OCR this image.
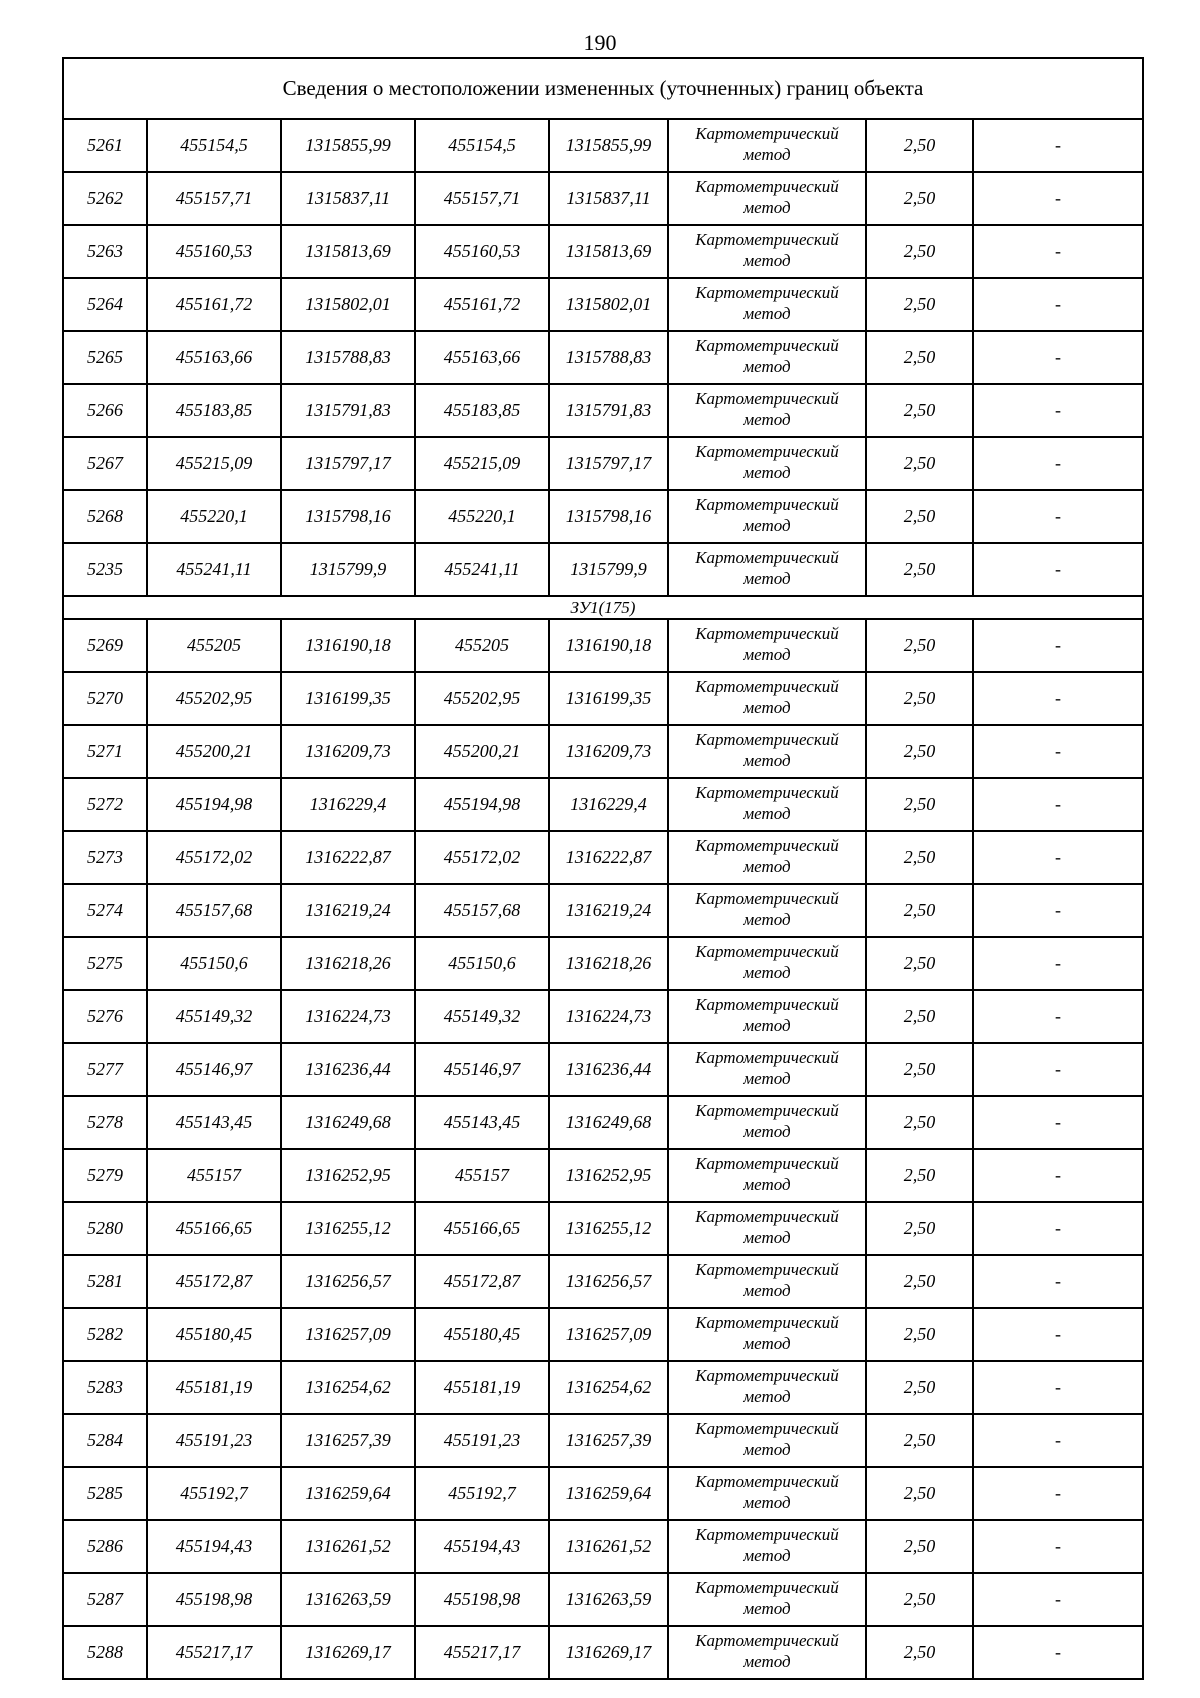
190
Сведения о местоположении измененных (уточненных) границ объекта							
5261	455154,5	1315855,99	455154,5	1315855,99	Картометрический метод	2,50	-
5262	455157,71	1315837,11	455157,71	1315837,11	Картометрический метод	2,50	-
5263	455160,53	1315813,69	455160,53	1315813,69	Картометрический метод	2,50	-
5264	455161,72	1315802,01	455161,72	1315802,01	Картометрический метод	2,50	-
5265	455163,66	1315788,83	455163,66	1315788,83	Картометрический метод	2,50	-
5266	455183,85	1315791,83	455183,85	1315791,83	Картометрический метод	2,50	-
5267	455215,09	1315797,17	455215,09	1315797,17	Картометрический метод	2,50	-
5268	455220,1	1315798,16	455220,1	1315798,16	Картометрический метод	2,50	-
5235	455241,11	1315799,9	455241,11	1315799,9	Картометрический метод	2,50	-
ЗУ1(175)							
5269	455205	1316190,18	455205	1316190,18	Картометрический метод	2,50	-
5270	455202,95	1316199,35	455202,95	1316199,35	Картометрический метод	2,50	-
5271	455200,21	1316209,73	455200,21	1316209,73	Картометрический метод	2,50	-
5272	455194,98	1316229,4	455194,98	1316229,4	Картометрический метод	2,50	-
5273	455172,02	1316222,87	455172,02	1316222,87	Картометрический метод	2,50	-
5274	455157,68	1316219,24	455157,68	1316219,24	Картометрический метод	2,50	-
5275	455150,6	1316218,26	455150,6	1316218,26	Картометрический метод	2,50	-
5276	455149,32	1316224,73	455149,32	1316224,73	Картометрический метод	2,50	-
5277	455146,97	1316236,44	455146,97	1316236,44	Картометрический метод	2,50	-
5278	455143,45	1316249,68	455143,45	1316249,68	Картометрический метод	2,50	-
5279	455157	1316252,95	455157	1316252,95	Картометрический метод	2,50	-
5280	455166,65	1316255,12	455166,65	1316255,12	Картометрический метод	2,50	-
5281	455172,87	1316256,57	455172,87	1316256,57	Картометрический метод	2,50	-
5282	455180,45	1316257,09	455180,45	1316257,09	Картометрический метод	2,50	-
5283	455181,19	1316254,62	455181,19	1316254,62	Картометрический метод	2,50	-
5284	455191,23	1316257,39	455191,23	1316257,39	Картометрический метод	2,50	-
5285	455192,7	1316259,64	455192,7	1316259,64	Картометрический метод	2,50	-
5286	455194,43	1316261,52	455194,43	1316261,52	Картометрический метод	2,50	-
5287	455198,98	1316263,59	455198,98	1316263,59	Картометрический метод	2,50	-
5288	455217,17	1316269,17	455217,17	1316269,17	Картометрический метод	2,50	-
